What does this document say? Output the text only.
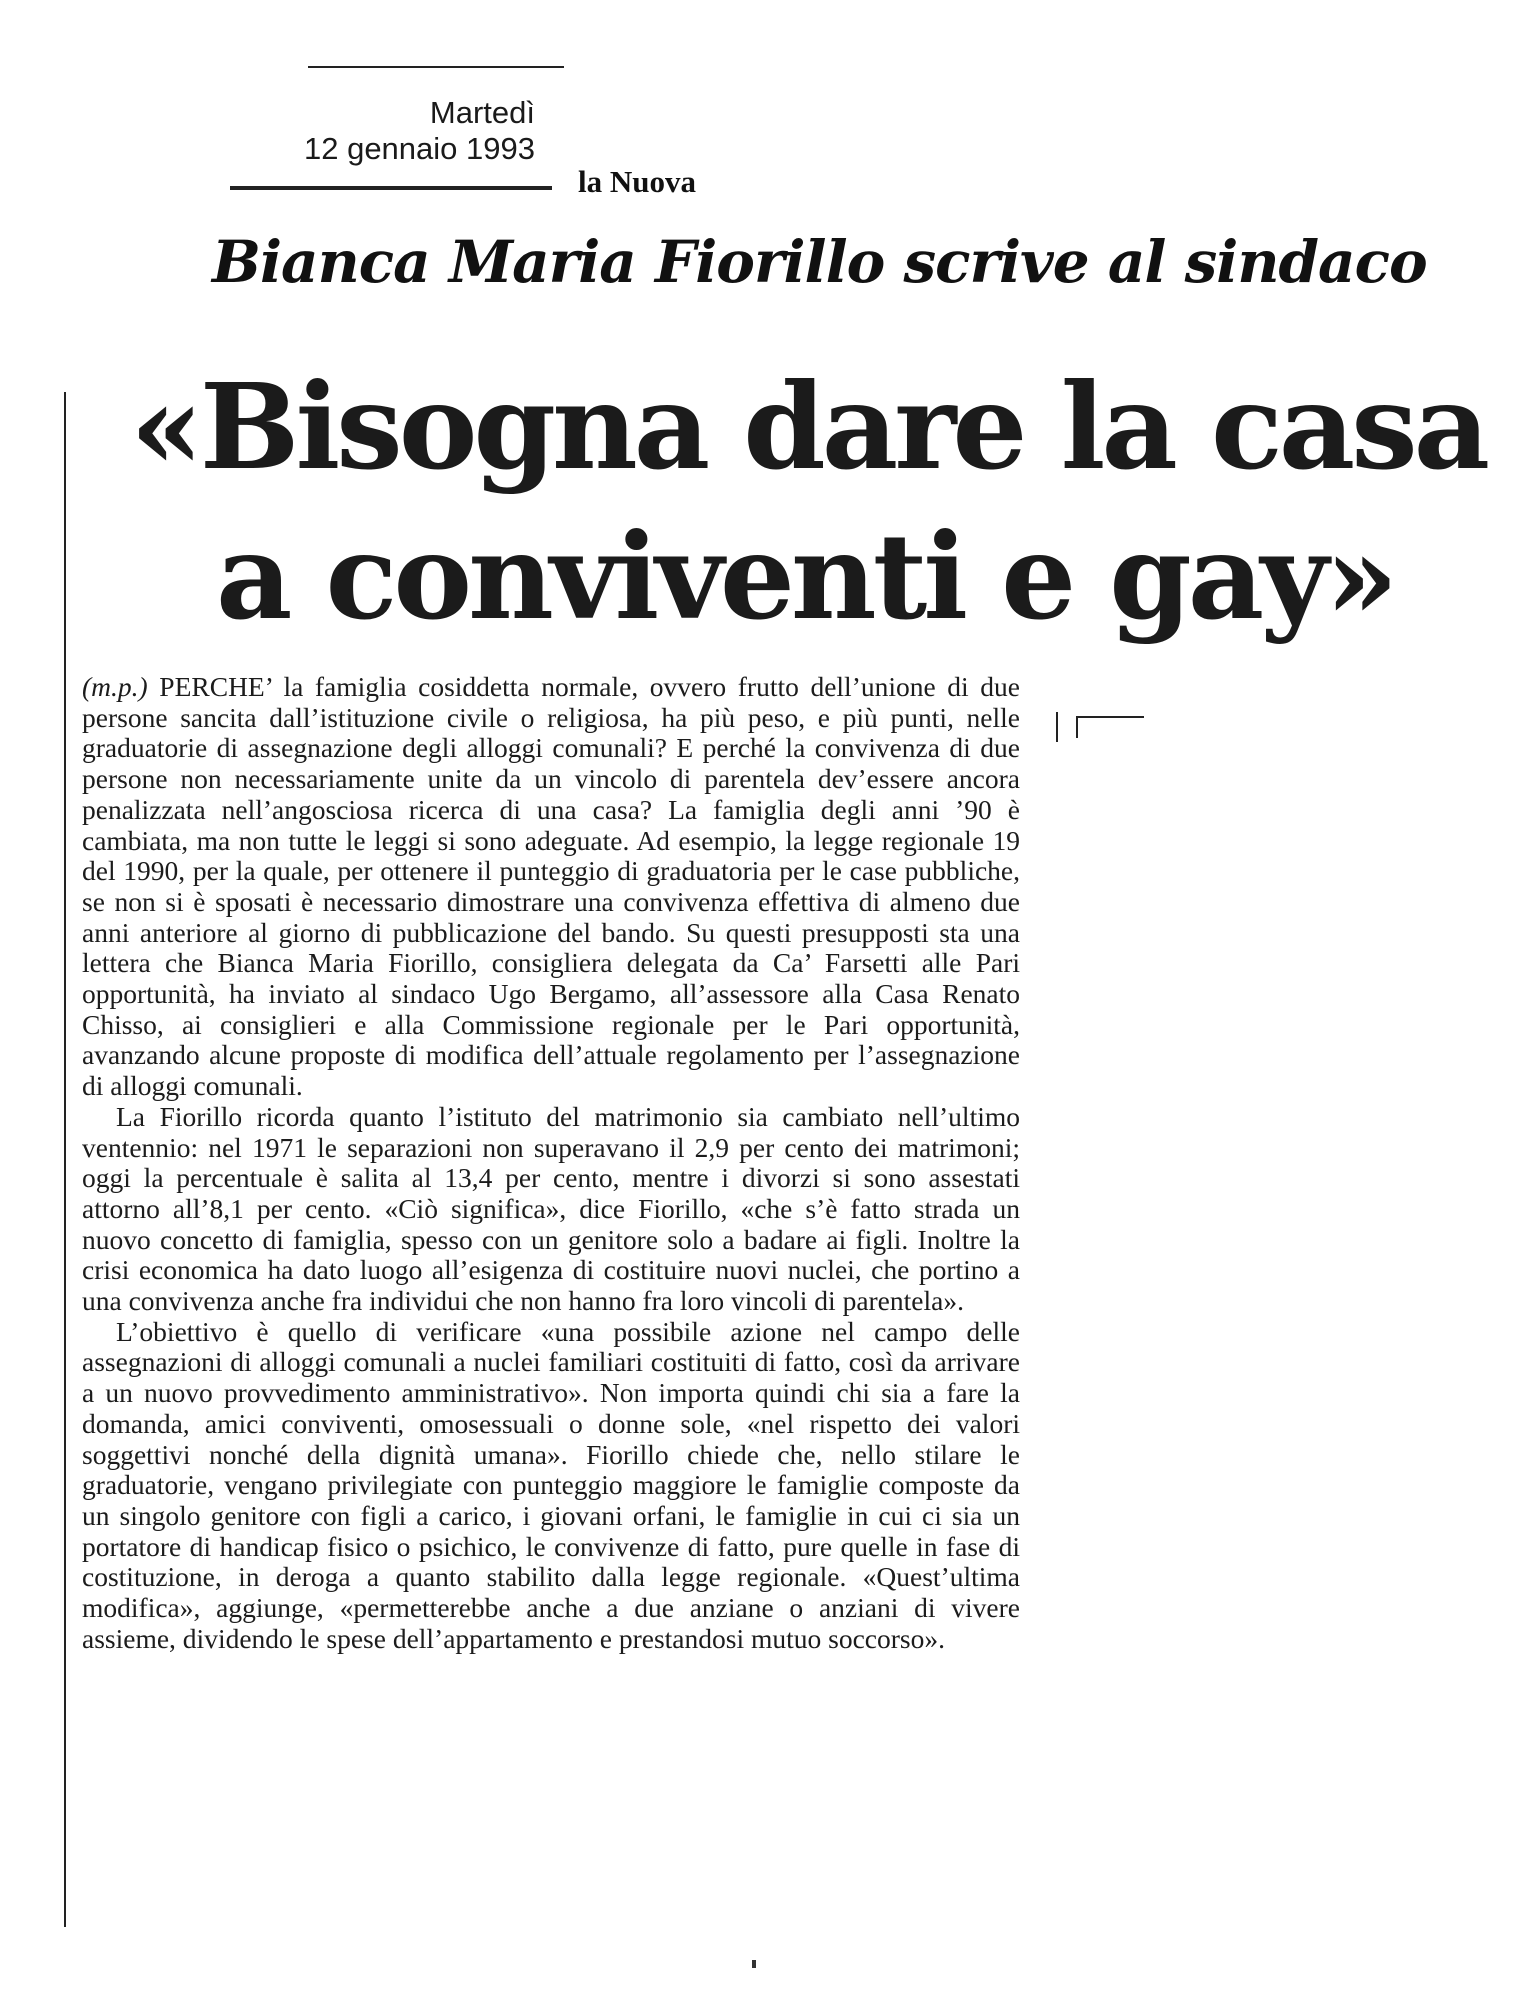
Martedì
12 gennaio 1993
la Nuova
Bianca Maria Fiorillo scrive al sindaco
«Bisogna dare la casa
a conviventi e gay»

(m.p.) PERCHE’ la famiglia cosiddetta normale, ovvero frutto dell’unione di due persone sancita dall’istituzione civile o religiosa, ha più peso, e più punti, nelle graduatorie di assegnazione degli alloggi comunali? E perché la convivenza di due persone non necessariamente unite da un vincolo di parentela dev’essere ancora penalizzata nell’angosciosa ricerca di una casa? La famiglia degli anni ’90 è cambiata, ma non tutte le leggi si sono adeguate. Ad esempio, la legge regionale 19 del 1990, per la quale, per ottenere il punteggio di graduatoria per le case pubbliche, se non si è sposati è necessario dimostrare una convivenza effettiva di almeno due anni anteriore al giorno di pubblicazione del bando. Su questi presupposti sta una lettera che Bianca Maria Fiorillo, consigliera delegata da Ca’ Farsetti alle Pari opportunità, ha inviato al sindaco Ugo Bergamo, all’assessore alla Casa Renato Chisso, ai consiglieri e alla Commissione regionale per le Pari opportunità, avanzando alcune proposte di modifica dell’attuale regolamento per l’assegnazione di alloggi comunali.

La Fiorillo ricorda quanto l’istituto del matrimonio sia cambiato nell’ultimo ventennio: nel 1971 le separazioni non superavano il 2,9 per cento dei matrimoni; oggi la percentuale è salita al 13,4 per cento, mentre i divorzi si sono assestati attorno all’8,1 per cento. «Ciò significa», dice Fiorillo, «che s’è fatto strada un nuovo concetto di famiglia, spesso con un genitore solo a badare ai figli. Inoltre la crisi economica ha dato luogo all’esigenza di costituire nuovi nuclei, che portino a una convivenza anche fra individui che non hanno fra loro vincoli di parentela».

L’obiettivo è quello di verificare «una possibile azione nel campo delle assegnazioni di alloggi comunali a nuclei familiari costituiti di fatto, così da arrivare a un nuovo provvedimento amministrativo». Non importa quindi chi sia a fare la domanda, amici conviventi, omosessuali o donne sole, «nel rispetto dei valori soggettivi nonché della dignità umana». Fiorillo chiede che, nello stilare le graduatorie, vengano privilegiate con punteggio maggiore le famiglie composte da un singolo genitore con figli a carico, i giovani orfani, le famiglie in cui ci sia un portatore di handicap fisico o psichico, le convivenze di fatto, pure quelle in fase di costituzione, in deroga a quanto stabilito dalla legge regionale. «Quest’ultima modifica», aggiunge, «permetterebbe anche a due anziane o anziani di vivere assieme, dividendo le spese dell’appartamento e prestandosi mutuo soccorso».
